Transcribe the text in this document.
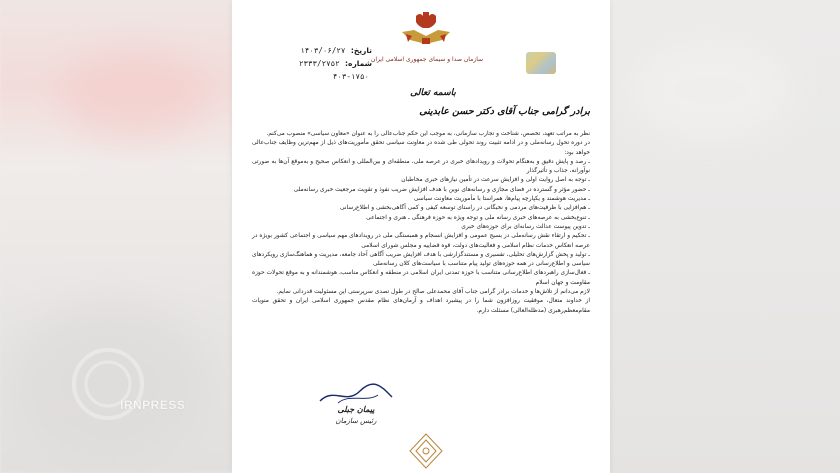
سازمان صدا و سیمای جمهوری اسلامی ایران
تاریخ: ۱۴۰۳/۰۶/۲۷
شماره: ۲۳۳۳/۲۷۵۲
۴۰۳-۱۷۵۰
باسمه تعالی
برادر گرامی جناب آقای دکتر حسن عابدینی

نظر به مراتب تعهد، تخصص، شناخت و تجارب سازمانی، به موجب این حکم جناب‌عالی را به عنوان «معاون سیاسی» منصوب می‌کنم.

در دوره تحول رسانه‌ملی و در ادامه تثبیت روند تحولی طی شده در معاونت سیاسی تحقق مأموریت‌های ذیل از مهم‌ترین وظایف جناب‌عالی خواهد بود:

ـ رصد و پایش دقیق و به‌هنگام تحولات و رویدادهای خبری در عرصه ملی، منطقه‌ای و بین‌المللی و انعکاس صحیح و به‌موقع آن‌ها به صورتی نوآورانه، جذاب و تأثیرگذار

ـ توجه به اصل روایت اولی و افزایش سرعت در تأمین نیازهای خبری مخاطبان

ـ حضور مؤثر و گسترده در فضای مجازی و رسانه‌های نوین با هدف افزایش ضریب نفوذ و تقویت مرجعیت خبری رسانه‌ملی

ـ مدیریت هوشمند و یکپارچه پیام‌ها، همراستا با مأموریت معاونت سیاسی

ـ هم‌افزایی با ظرفیت‌های مردمی و نخبگانی در راستای توسعه کیفی و کمی آگاهی‌بخشی و اطلاع‌رسانی

ـ تنوع‌بخشی به عرصه‌های خبری رسانه ملی و توجه ویژه به حوزه فرهنگی ـ هنری و اجتماعی

ـ تدوین پیوست عدالت رسانه‌ای برای حوزه‌های خبری

ـ تحکیم و ارتقاء نقش رسانه‌ملی در بسیج عمومی و افزایش انسجام و همبستگی ملی در رویدادهای مهم سیاسی و اجتماعی کشور بویژه در عرصه انعکاس خدمات نظام اسلامی و فعالیت‌های دولت، قوه قضاییه و مجلس شورای اسلامی

ـ تولید و پخش گزارش‌های تحلیلی، تفسیری و مستندگزارشی با هدف افزایش ضریب آگاهی آحاد جامعه، مدیریت و هماهنگ‌سازی رویکردهای سیاسی و اطلاع‌رسانی در همه حوزه‌های تولید پیام متناسب با سیاست‌های کلان رسانه‌ملی

ـ فعال‌سازی راهبردهای اطلاع‌رسانی متناسب با حوزه تمدنی ایران اسلامی در منطقه و انعکاس مناسب، هوشمندانه و به موقع تحولات حوزه مقاومت و جهان اسلام

لازم می‌دانم از تلاش‌ها و خدمات برادر گرامی جناب آقای محمدعلی صالح در طول تصدی سرپرستی این مسئولیت قدردانی نمایم.

از خداوند متعال، موفقیت روزافزون شما را در پیشبرد اهداف و آرمان‌های نظام مقدس جمهوری اسلامی ایران و تحقق منویات مقام‌معظم‌رهبری (مدظله‌العالی) مسئلت دارم.

پیمان جبلی
رئیس سازمان
IRNPRESS
